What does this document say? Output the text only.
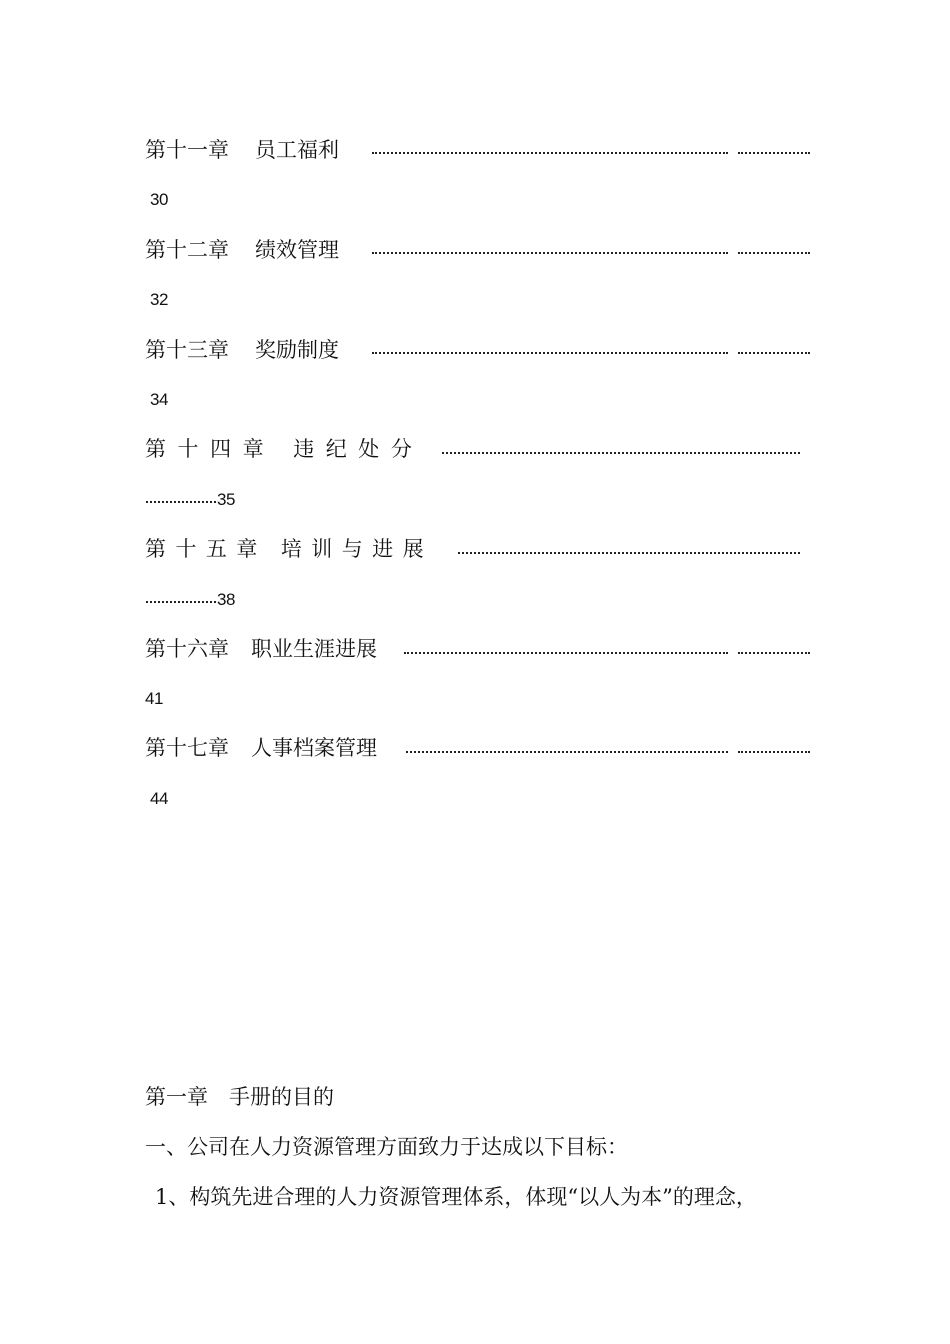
第十一章 员工福利
30
第十二章 绩效管理
32
第十三章 奖励制度
34
第十四章 违纪处分
35
第十五章 培训与进展
38
第十六章 职业生涯进展
41
第十七章 人事档案管理
44
第一章　手册的目的
一、公司在人力资源管理方面致力于达成以下目标：
1、构筑先进合理的人力资源管理体系，体现“以人为本”的理念，
